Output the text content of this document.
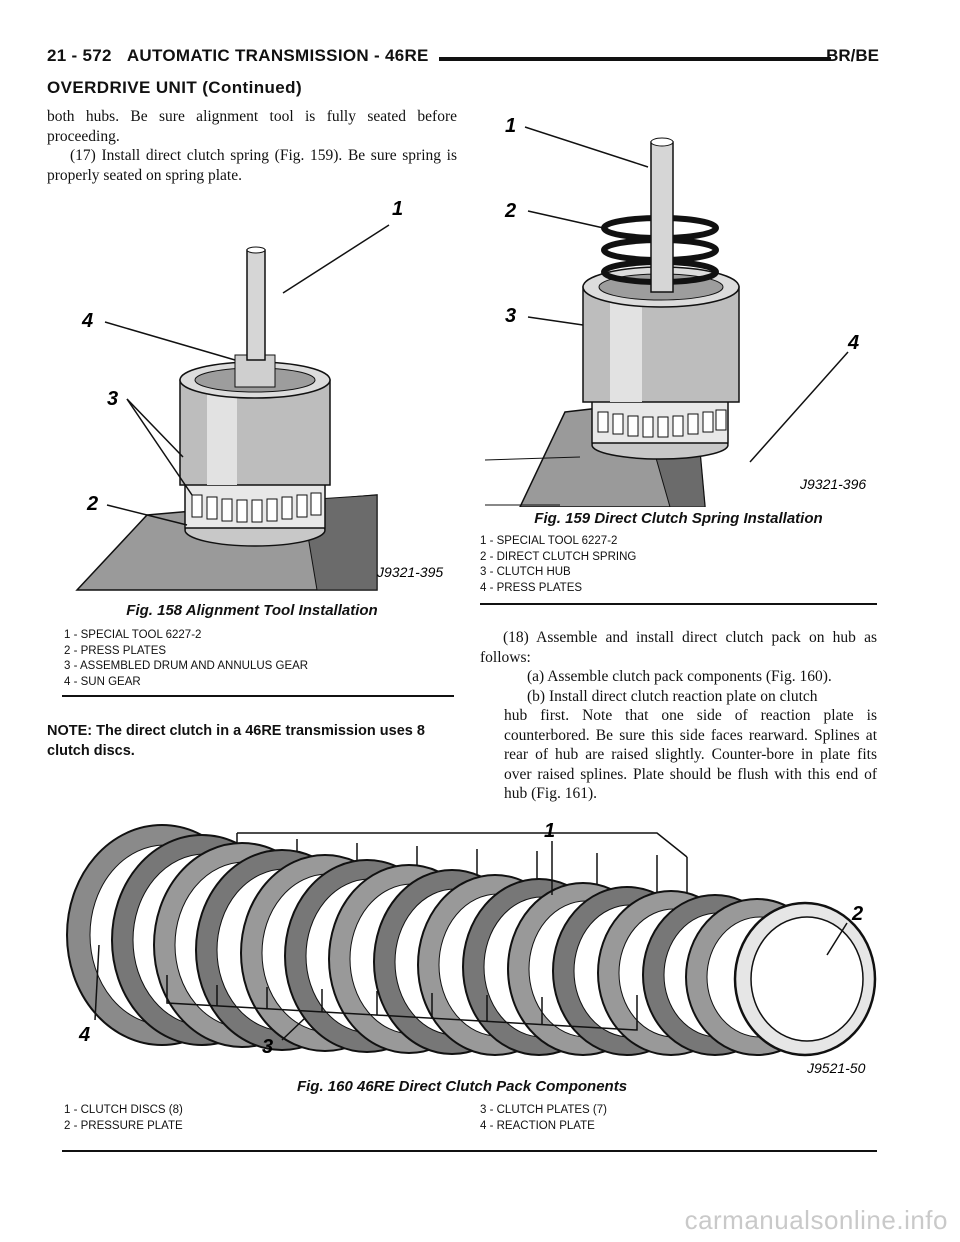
21 - 572 AUTOMATIC TRANSMISSION - 46RE	BR/BE
OVERDRIVE UNIT (Continued)

both hubs. Be sure alignment tool is fully seated before proceeding.

(17) Install direct clutch spring (Fig. 159). Be sure spring is properly seated on spring plate.

1
2
3
4
J9321-395
Fig. 158 Alignment Tool Installation
1 - SPECIAL TOOL 6227-2
2 - PRESS PLATES
3 - ASSEMBLED DRUM AND ANNULUS GEAR
4 - SUN GEAR
NOTE: The direct clutch in a 46RE transmission uses 8 clutch discs.
1
2
3
4
J9321-396
Fig. 159 Direct Clutch Spring Installation
1 - SPECIAL TOOL 6227-2
2 - DIRECT CLUTCH SPRING
3 - CLUTCH HUB
4 - PRESS PLATES

(18) Assemble and install direct clutch pack on hub as follows:

(a) Assemble clutch pack components (Fig. 160).

(b) Install direct clutch reaction plate on clutch

hub first. Note that one side of reaction plate is counterbored. Be sure this side faces rearward. Splines at rear of hub are raised slightly. Counter-bore in plate fits over raised splines. Plate should be flush with this end of hub (Fig. 161).

1
2
3
4
J9521-50
Fig. 160 46RE Direct Clutch Pack Components
1 - CLUTCH DISCS (8)
2 - PRESSURE PLATE
3 - CLUTCH PLATES (7)
4 - REACTION PLATE
carmanualsonline.info
